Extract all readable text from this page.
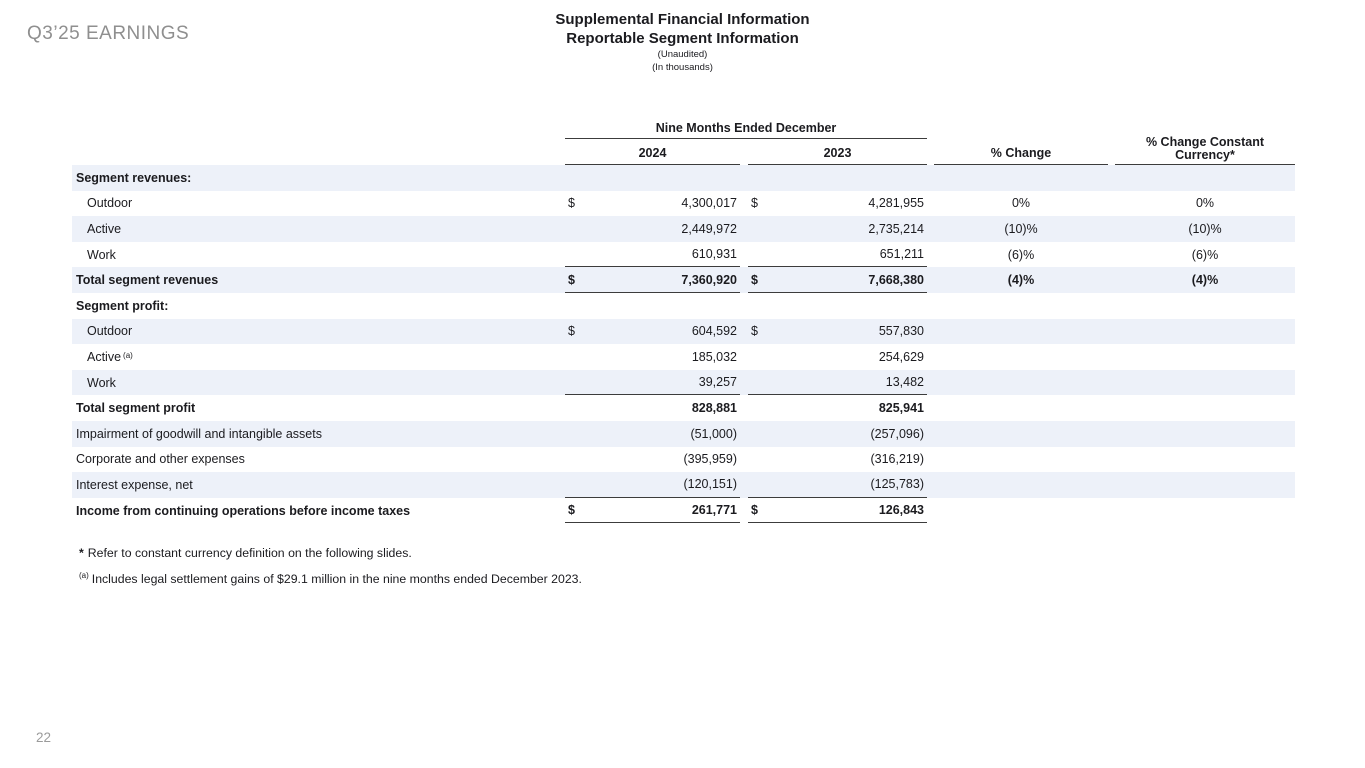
Q3’25 EARNINGS
Supplemental Financial Information
Reportable Segment Information
(Unaudited)
(In thousands)
Nine Months Ended December
2024	2023	% Change
% Change Constant Currency*
Segment revenues:
Outdoor	$	4,300,017 $	4,281,955	0%	0%
Active	2,449,972	2,735,214	(10)%	(10)%
Work	610,931	651,211	(6)%	(6)%
Total segment revenues	$	7,360,920 $	7,668,380	(4)%	(4)%
Segment profit:
Outdoor	$	604,592 $	557,830
Active (a)	185,032	254,629
Work	39,257	13,482
Total segment profit	828,881	825,941
Impairment of goodwill and intangible assets	(51,000)	(257,096)
Corporate and other expenses	(395,959)	(316,219)
Interest expense, net	(120,151)	(125,783)
Income from continuing operations before income taxes	$	261,771 $	126,843
* Refer to constant currency definition on the following slides.
$^{(a)}$ Includes legal settlement gains of $29.1 million in the nine months ended December 2023.
22
